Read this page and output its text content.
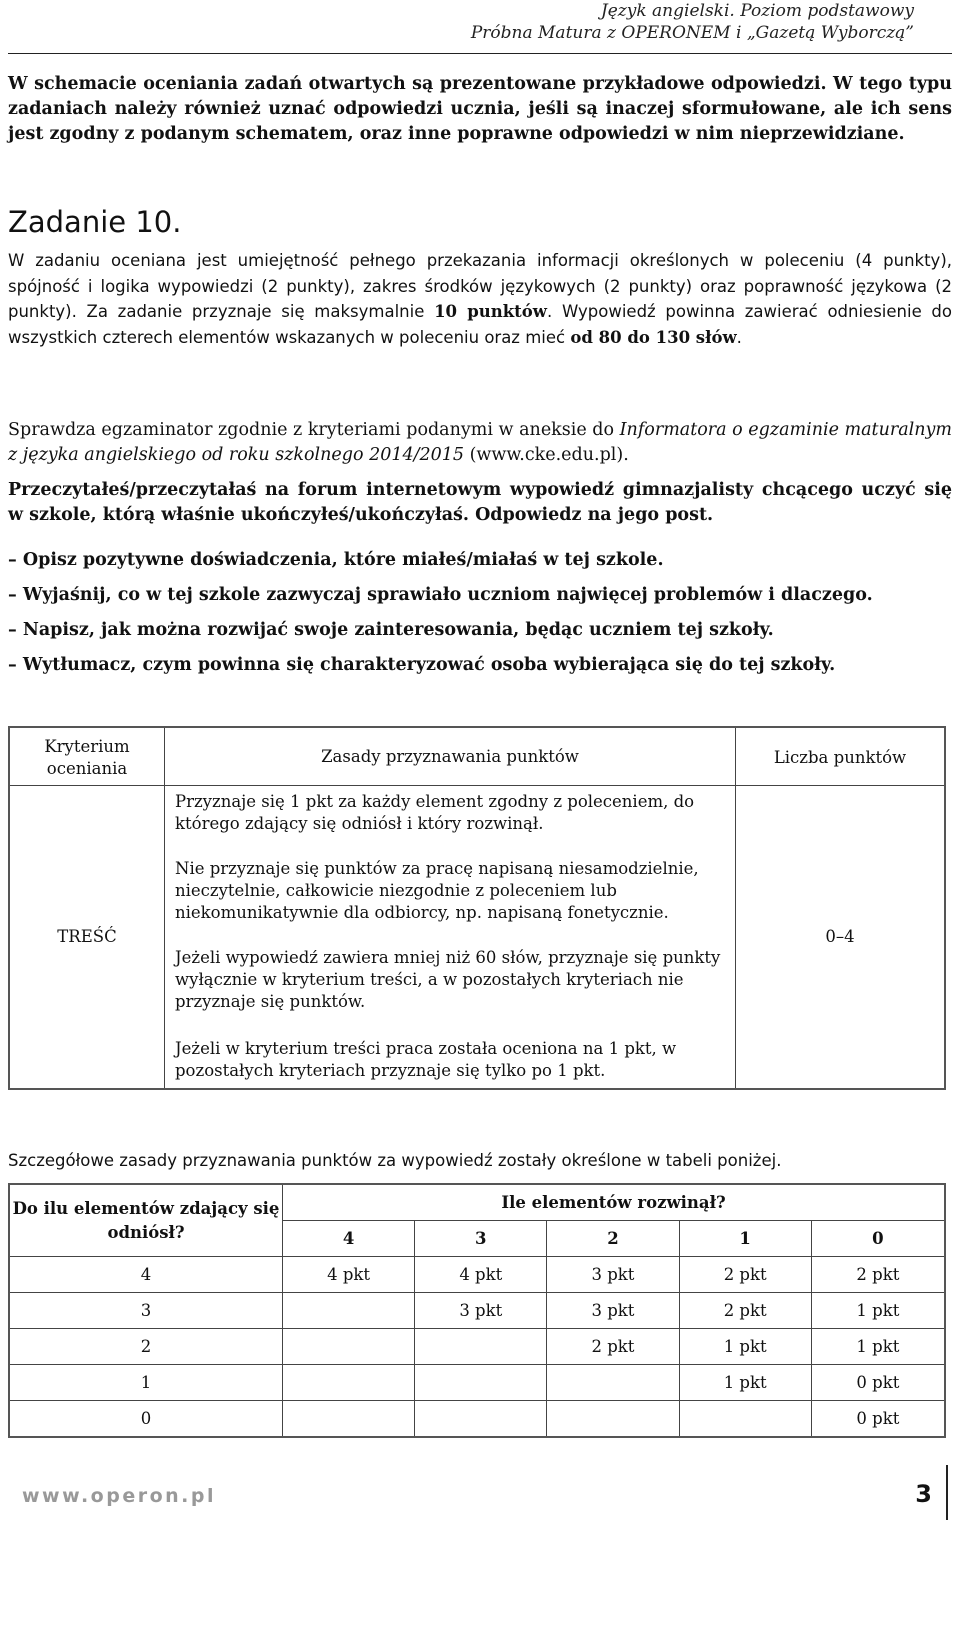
Język angielski. Poziom podstawowy
Próbna Matura z OPERONEM i „Gazetą Wyborczą”
W schemacie oceniania zadań otwartych są prezentowane przykładowe odpowiedzi. W tego typu zadaniach należy również uznać odpowiedzi ucznia, jeśli są inaczej sformułowane, ale ich sens jest zgodny z podanym schematem, oraz inne poprawne odpowiedzi w nim nieprzewidziane.
Zadanie 10.
W zadaniu oceniana jest umiejętność pełnego przekazania informacji określonych w poleceniu (4 punkty), spójność i logika wypowiedzi (2 punkty), zakres środków językowych (2 punkty) oraz poprawność językowa (2 punkty). Za zadanie przyznaje się maksymalnie 10 punktów. Wypowiedź powinna zawierać odniesienie do wszystkich czterech elementów wskazanych w poleceniu oraz mieć od 80 do 130 słów.
Sprawdza egzaminator zgodnie z kryteriami podanymi w aneksie do Informatora o egzaminie maturalnym z języka angielskiego od roku szkolnego 2014/2015 (www.cke.edu.pl).
Przeczytałeś/przeczytałaś na forum internetowym wypowiedź gimnazjalisty chcącego uczyć się w szkole, którą właśnie ukończyłeś/ukończyłaś. Odpowiedz na jego post.
– Opisz pozytywne doświadczenia, które miałeś/miałaś w tej szkole.
– Wyjaśnij, co w tej szkole zazwyczaj sprawiało uczniom najwięcej problemów i dlaczego.
– Napisz, jak można rozwijać swoje zainteresowania, będąc uczniem tej szkoły.
– Wytłumacz, czym powinna się charakteryzować osoba wybierająca się do tej szkoły.
Kryterium oceniania	Zasady przyznawania punktów	Liczba punktów
TREŚĆ	Przyznaje się 1 pkt za każdy element zgodny z poleceniem, do którego zdający się odniósł i który rozwinął.
Nie przyznaje się punktów za pracę napisaną niesamodzielnie, nieczytelnie, całkowicie niezgodnie z poleceniem lub niekomunikatywnie dla odbiorcy, np. napisaną fonetycznie.
Jeżeli wypowiedź zawiera mniej niż 60 słów, przyznaje się punkty wyłącznie w kryterium treści, a w pozostałych kryteriach nie przyznaje się punktów.
Jeżeli w kryterium treści praca została oceniona na 1 pkt, w pozostałych kryteriach przyznaje się tylko po 1 pkt.	0–4
Szczegółowe zasady przyznawania punktów za wypowiedź zostały określone w tabeli poniżej.
Do ilu elementów zdający się odniósł?	Ile elementów rozwinął?				
	4	3	2	1	0
4	4 pkt	4 pkt	3 pkt	2 pkt	2 pkt
3		3 pkt	3 pkt	2 pkt	1 pkt
2			2 pkt	1 pkt	1 pkt
1				1 pkt	0 pkt
0					0 pkt
www.operon.pl	3
